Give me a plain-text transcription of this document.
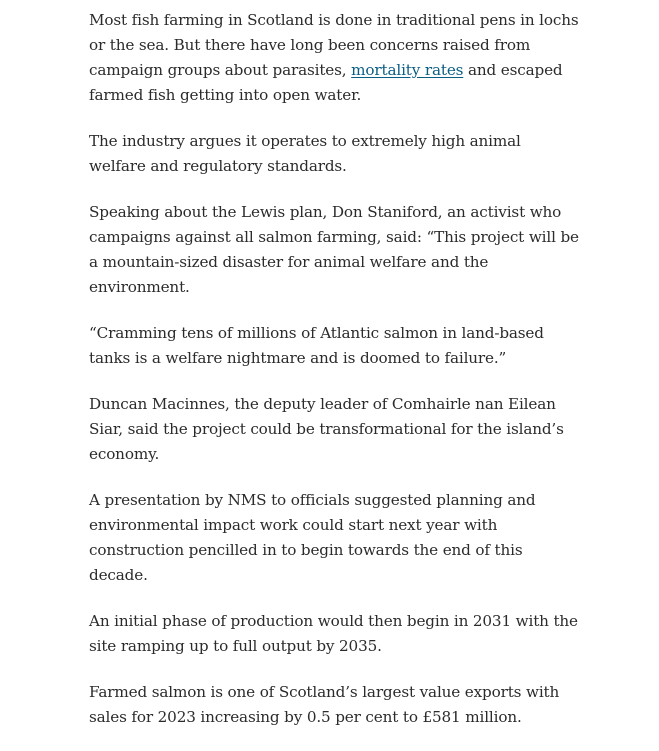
Most fish farming in Scotland is done in traditional pens in lochs or the sea. But there have long been concerns raised from campaign groups about parasites, mortality rates and escaped farmed fish getting into open water.

The industry argues it operates to extremely high animal welfare and regulatory standards.

Speaking about the Lewis plan, Don Staniford, an activist who campaigns against all salmon farming, said: “This project will be a mountain-sized disaster for animal welfare and the environment.

“Cramming tens of millions of Atlantic salmon in land-based tanks is a welfare nightmare and is doomed to failure.”

Duncan Macinnes, the deputy leader of Comhairle nan Eilean Siar, said the project could be transformational for the island’s economy.

A presentation by NMS to officials suggested planning and environmental impact work could start next year with construction pencilled in to begin towards the end of this decade.

An initial phase of production would then begin in 2031 with the site ramping up to full output by 2035.

Farmed salmon is one of Scotland’s largest value exports with sales for 2023 increasing by 0.5 per cent to £581 million.
